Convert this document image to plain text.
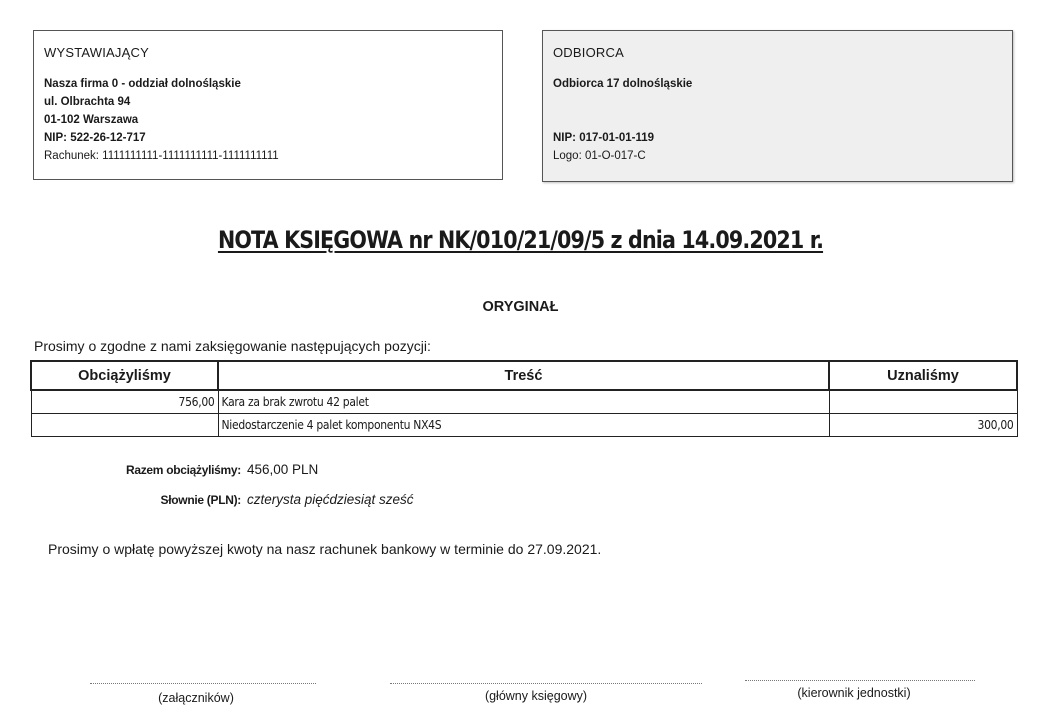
WYSTAWIAJĄCY
Nasza firma 0 - oddział dolnośląskie
ul. Olbrachta 94
01-102 Warszawa
NIP: 522-26-12-717
Rachunek: 1111111111-1111111111-1111111111
ODBIORCA
Odbiorca 17 dolnośląskie
NIP: 017-01-01-119
Logo: 01-O-017-C
NOTA KSIĘGOWA nr NK/010/21/09/5 z dnia 14.09.2021 r.
ORYGINAŁ
Prosimy o zgodne z nami zaksięgowanie następujących pozycji:
Obciążyliśmy	Treść	Uznaliśmy
756,00	Kara za brak zwrotu 42 palet	
	Niedostarczenie 4 palet komponentu NX4S	300,00
Razem obciążyliśmy: 456,00 PLN
Słownie (PLN): czterysta pięćdziesiąt sześć
Prosimy o wpłatę powyższej kwoty na nasz rachunek bankowy w terminie do 27.09.2021.
(załączników)	(główny księgowy)	(kierownik jednostki)
